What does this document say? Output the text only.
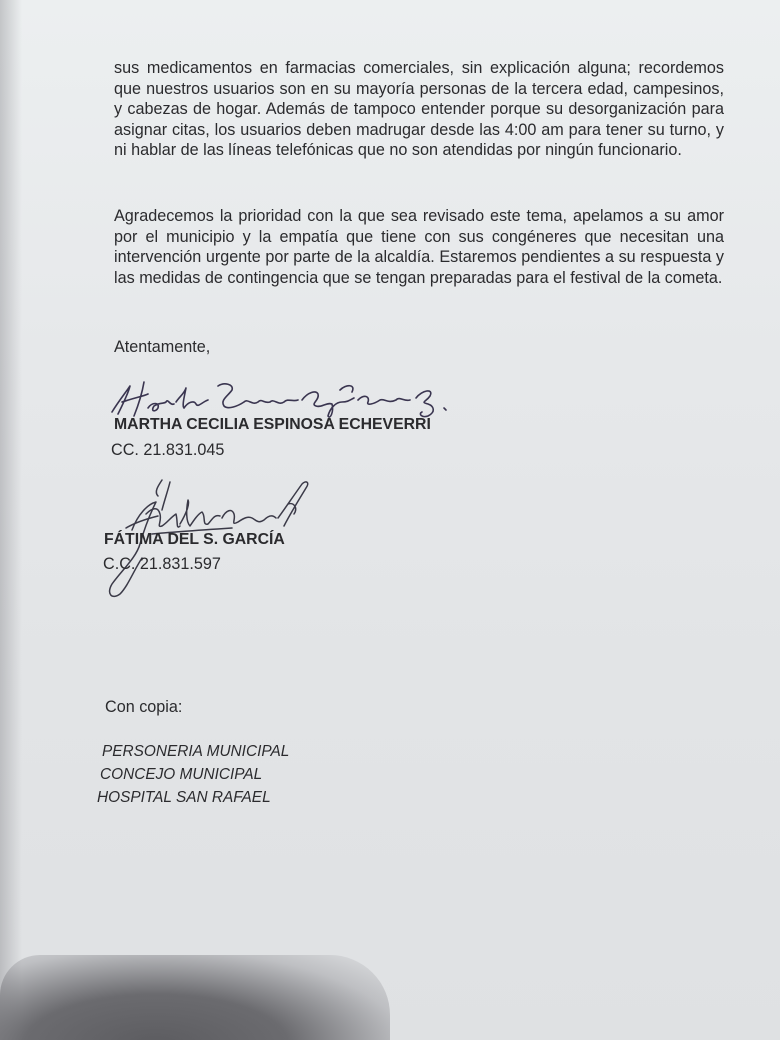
sus medicamentos en farmacias comerciales, sin explicación alguna; recordemos que nuestros usuarios son en su mayoría personas de la tercera edad, campesinos, y cabezas de hogar. Además de tampoco entender porque su desorganización para asignar citas, los usuarios deben madrugar desde las 4:00 am para tener su turno, y ni hablar de las líneas telefónicas que no son atendidas por ningún funcionario.
Agradecemos la prioridad con la que sea revisado este tema, apelamos a su amor por el municipio y la empatía que tiene con sus congéneres que necesitan una intervención urgente por parte de la alcaldía. Estaremos pendientes a su respuesta y las medidas de contingencia que se tengan preparadas para el festival de la cometa.
Atentamente,
MARTHA CECILIA ESPINOSA ECHEVERRI
CC. 21.831.045
FÁTIMA DEL S. GARCÍA
C.C. 21.831.597
Con copia:
PERSONERIA MUNICIPAL
CONCEJO MUNICIPAL
HOSPITAL SAN RAFAEL
